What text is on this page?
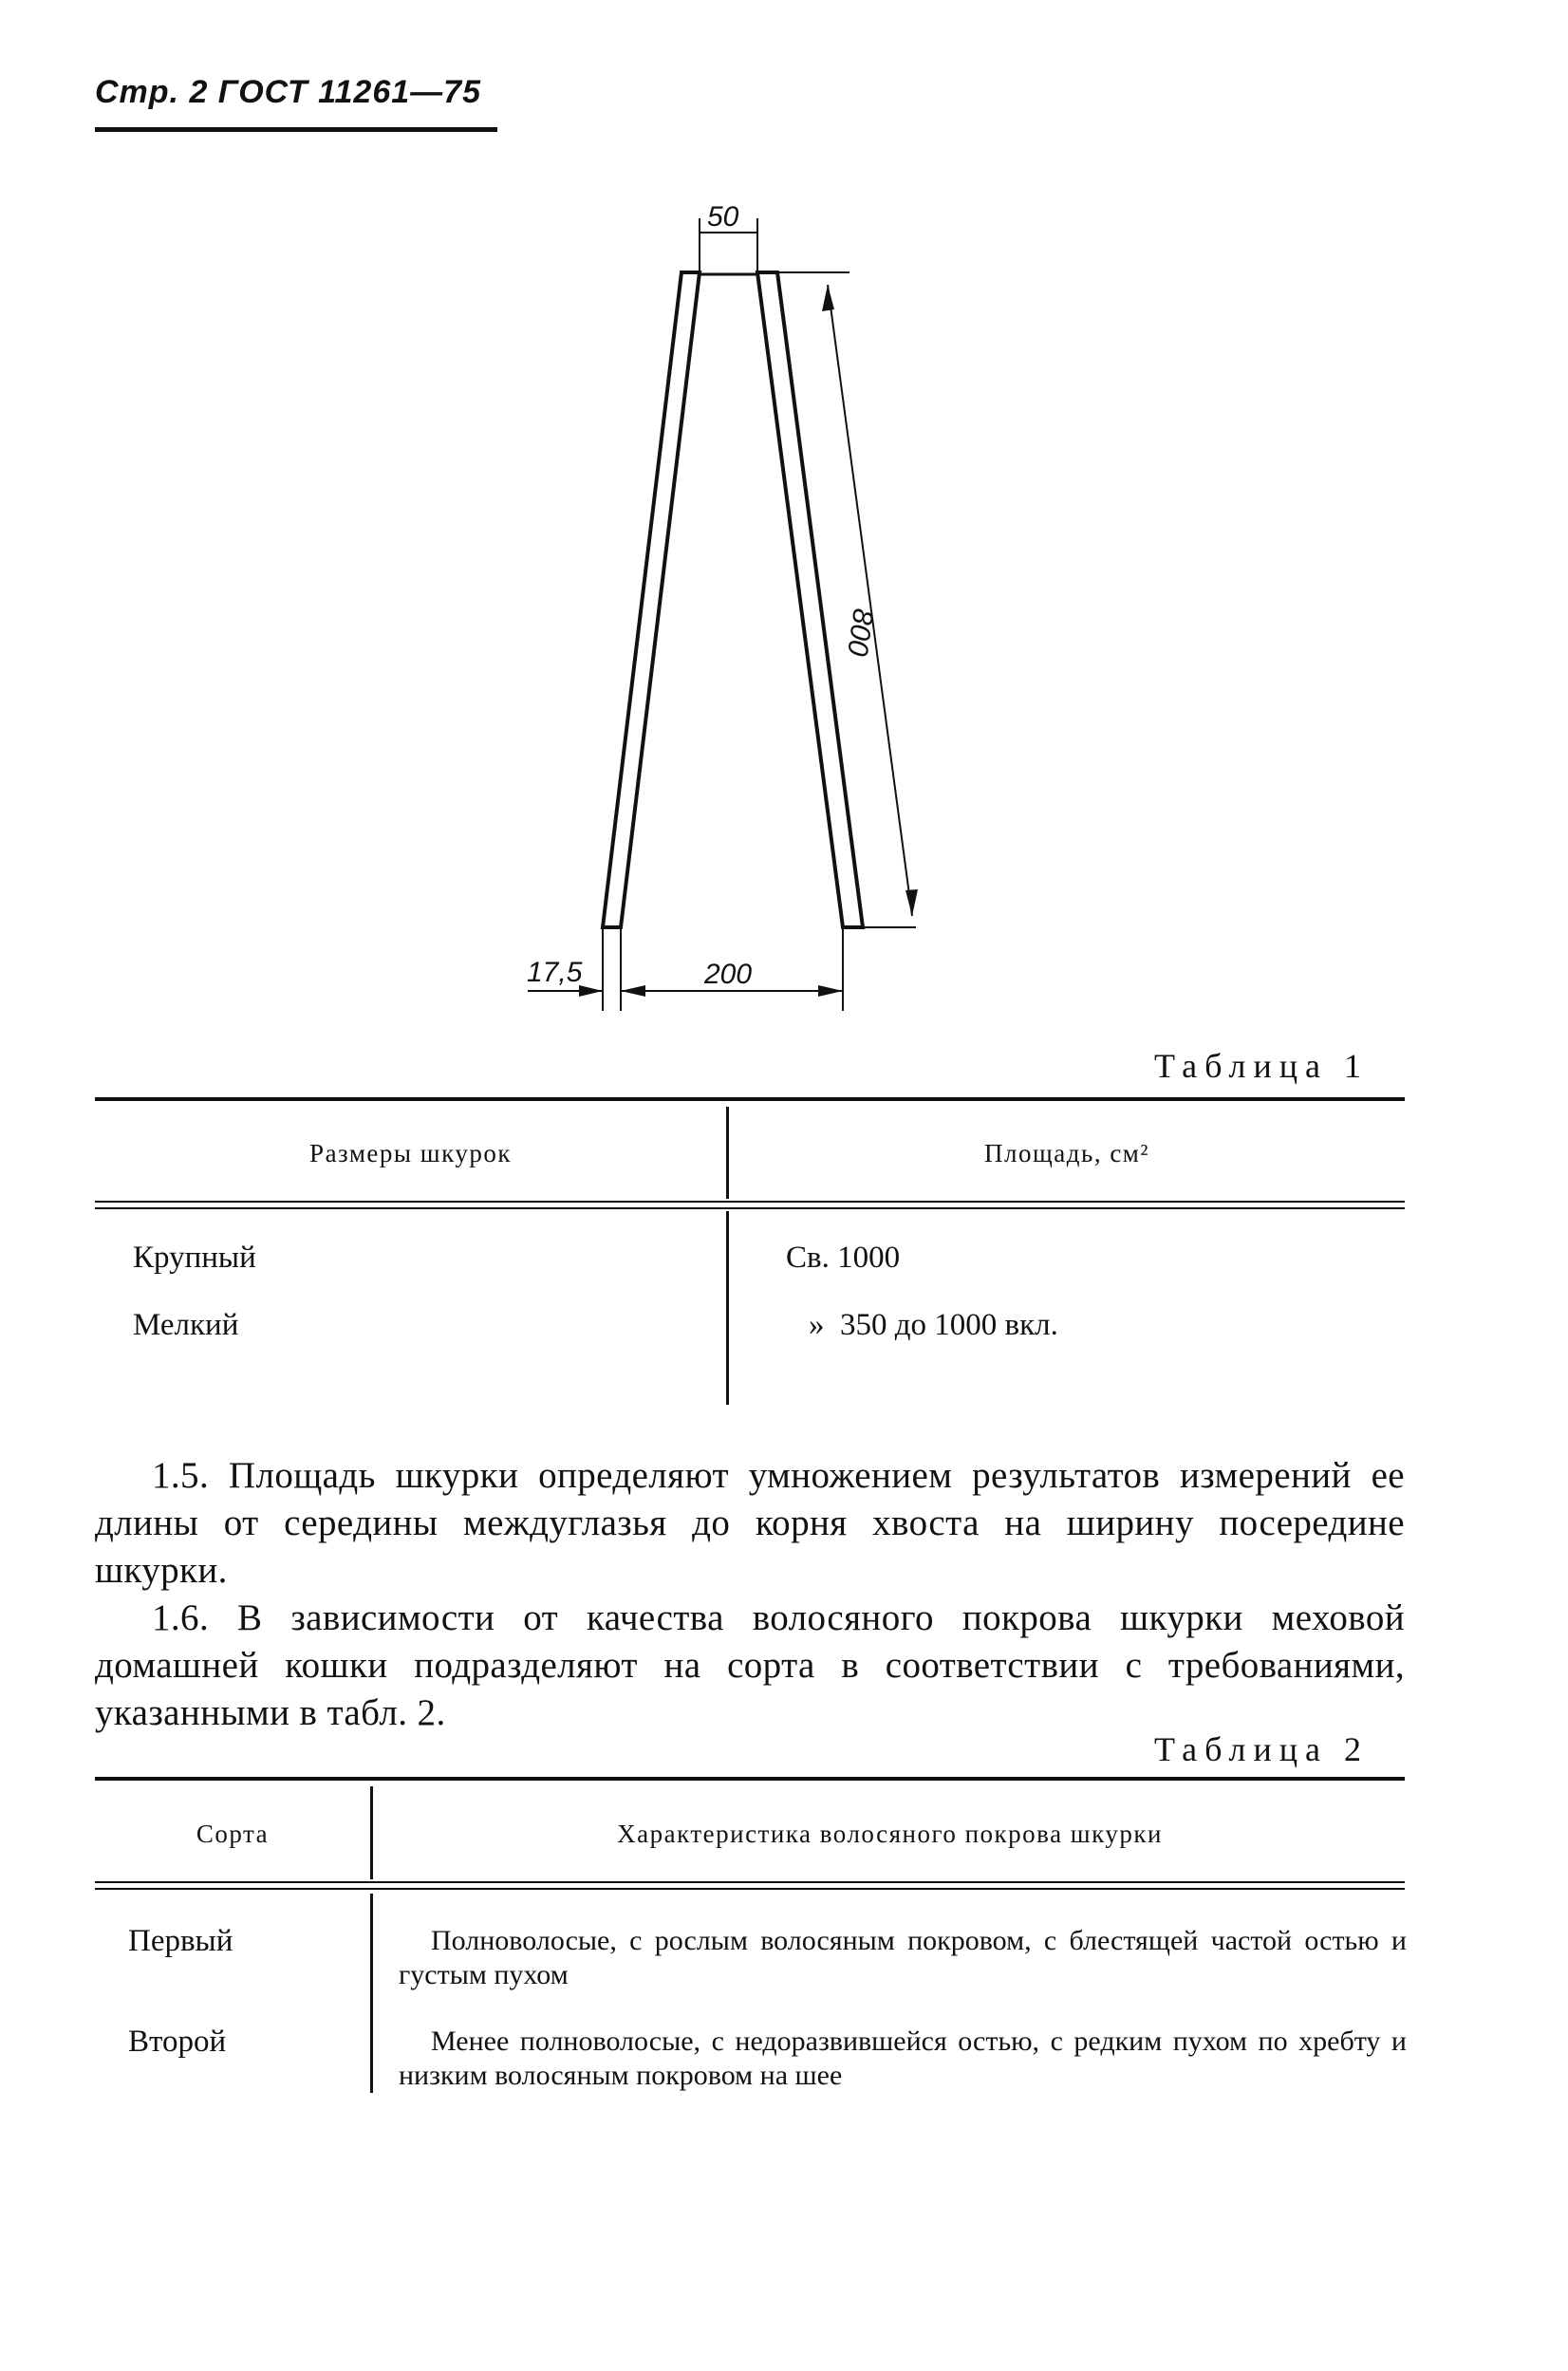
Стр. 2 ГОСТ 11261—75
50
800
17,5	200
Таблица 1
Размеры шкурок	Площадь, см²
Крупный	Св. 1000
Мелкий	»  350 до 1000 вкл.
1.5. Площадь шкурки определяют умножением результатов измерений ее длины от середины междуглазья до корня хвоста на ширину посередине шкурки.
1.6. В зависимости от качества волосяного покрова шкурки меховой домашней кошки подразделяют на сорта в соответствии с требованиями, указанными в табл. 2.
Таблица 2
Сорта	Характеристика волосяного покрова шкурки
Первый	Полноволосые, с рослым волосяным покровом, с блестящей частой остью и густым пухом
Второй	Менее полноволосые, с недоразвившейся остью, с редким пухом по хребту и низким волосяным покровом на шее
